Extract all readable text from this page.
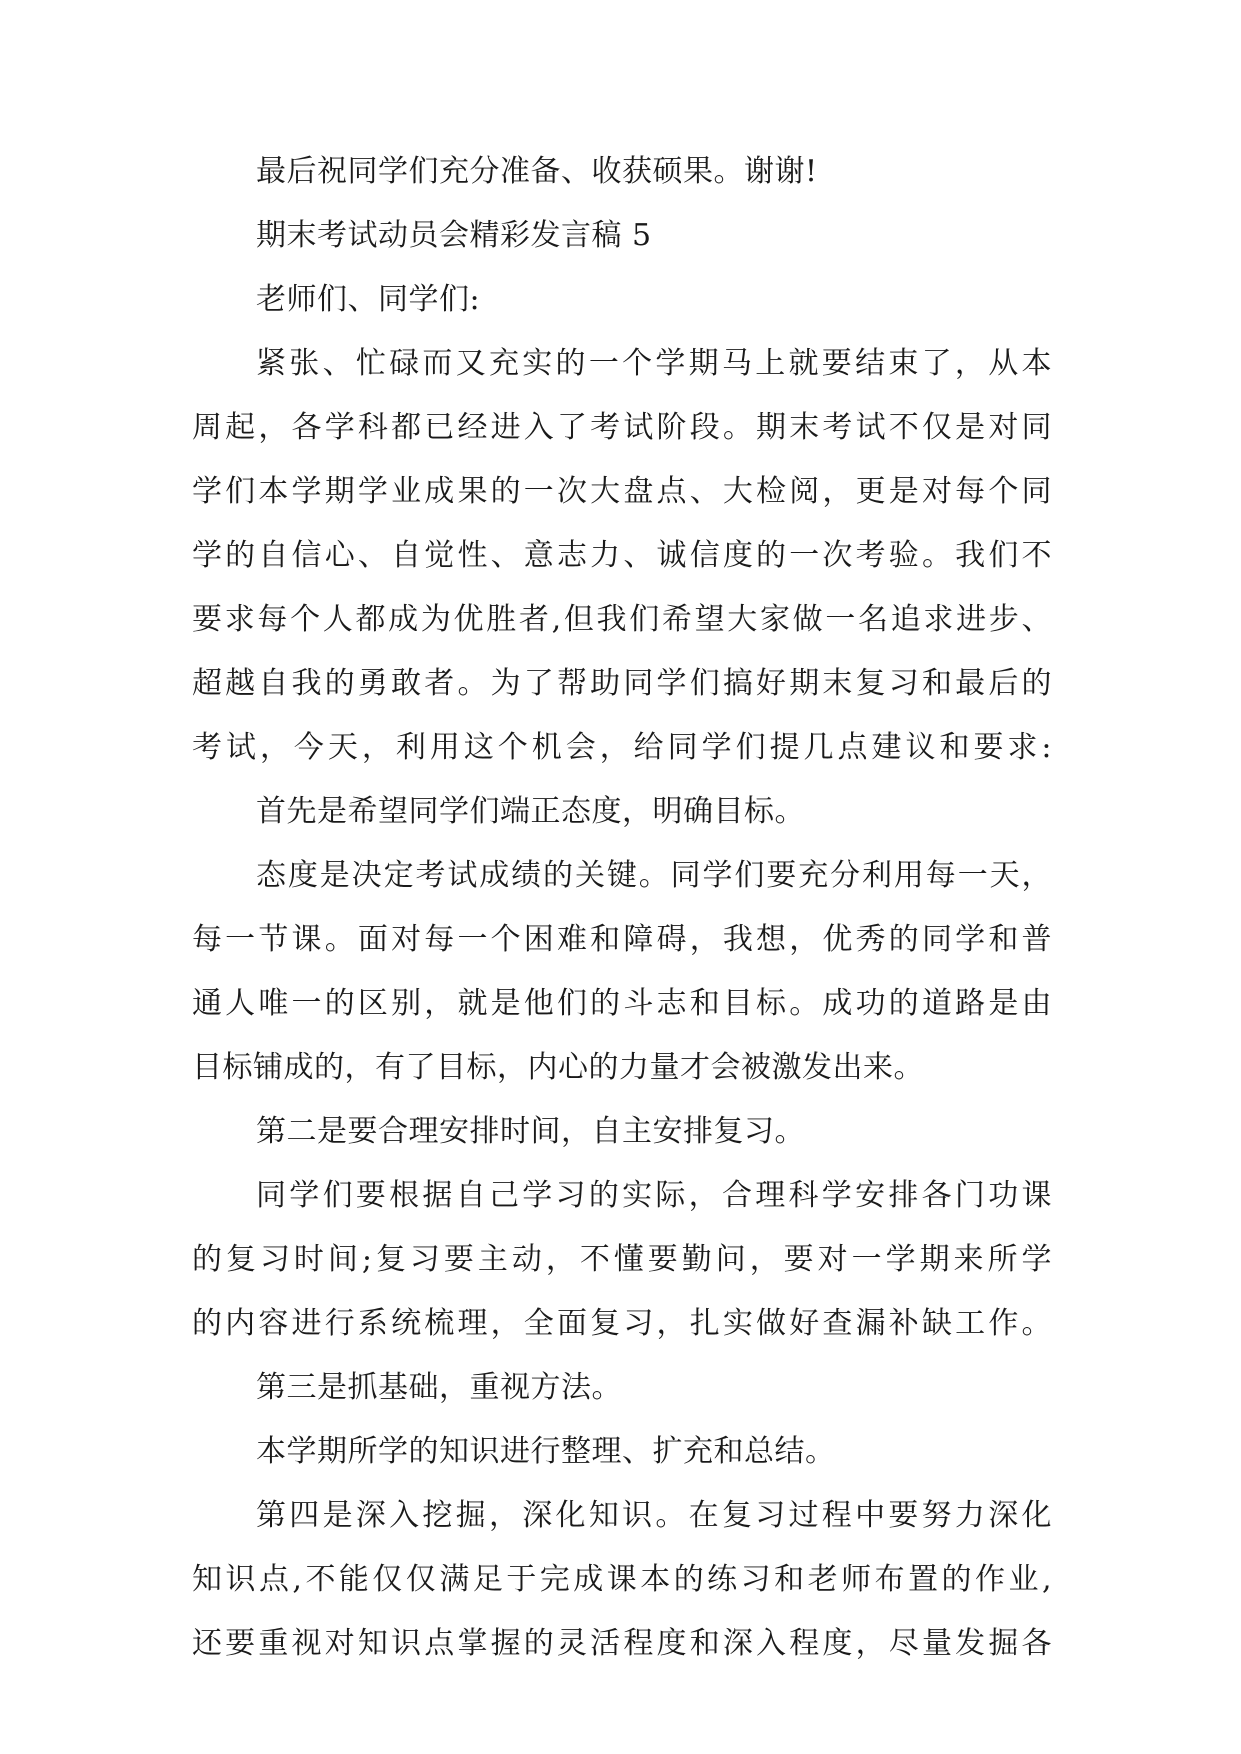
最后祝同学们充分准备、收获硕果。谢谢!
期末考试动员会精彩发言稿 5
老师们、同学们:
紧张、忙碌而又充实的一个学期马上就要结束了，从本
周起，各学科都已经进入了考试阶段。期末考试不仅是对同
学们本学期学业成果的一次大盘点、大检阅，更是对每个同
学的自信心、自觉性、意志力、诚信度的一次考验。我们不
要求每个人都成为优胜者,但我们希望大家做一名追求进步、
超越自我的勇敢者。为了帮助同学们搞好期末复习和最后的
考试，今天，利用这个机会，给同学们提几点建议和要求:
首先是希望同学们端正态度，明确目标。
态度是决定考试成绩的关键。同学们要充分利用每一天，
每一节课。面对每一个困难和障碍，我想，优秀的同学和普
通人唯一的区别，就是他们的斗志和目标。成功的道路是由
目标铺成的，有了目标，内心的力量才会被激发出来。
第二是要合理安排时间，自主安排复习。
同学们要根据自己学习的实际，合理科学安排各门功课
的复习时间;复习要主动，不懂要勤问，要对一学期来所学
的内容进行系统梳理，全面复习，扎实做好查漏补缺工作。
第三是抓基础，重视方法。
本学期所学的知识进行整理、扩充和总结。
第四是深入挖掘，深化知识。在复习过程中要努力深化
知识点,不能仅仅满足于完成课本的练习和老师布置的作业,
还要重视对知识点掌握的灵活程度和深入程度，尽量发掘各
